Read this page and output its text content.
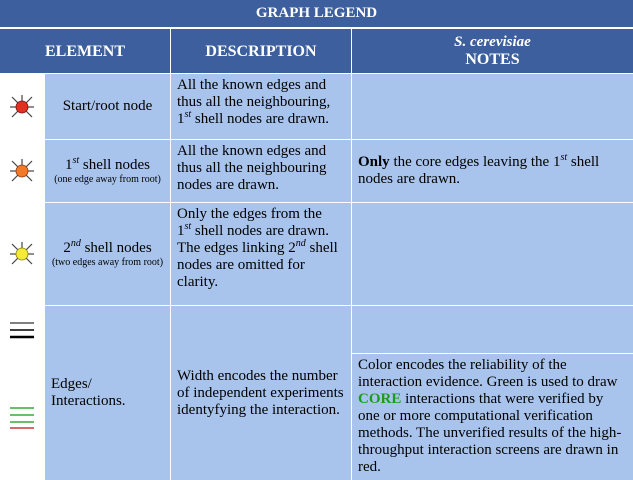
GRAPH LEGEND
ELEMENT	DESCRIPTION
S. cerevisiae
NOTES
Start/root node
All the known edges and thus all the neighbouring, 1st shell nodes are drawn.
1st shell nodes
(one edge away from root)
All the known edges and thus all the neighbouring nodes are drawn.
Only the core edges leaving the 1st shell nodes are drawn.
2nd shell nodes
(two edges away from root)
Only the edges from the
1st shell nodes are drawn.
The edges linking 2nd shell nodes are omitted for clarity.
Edges/ Interactions.
Width encodes the number of independent experiments identyfying the interaction.
Color encodes the reliability of the interaction evidence. Green is used to draw CORE interactions that were verified by one or more computational verification methods. The unverified results of the high-throughput interaction screens are drawn in red.
